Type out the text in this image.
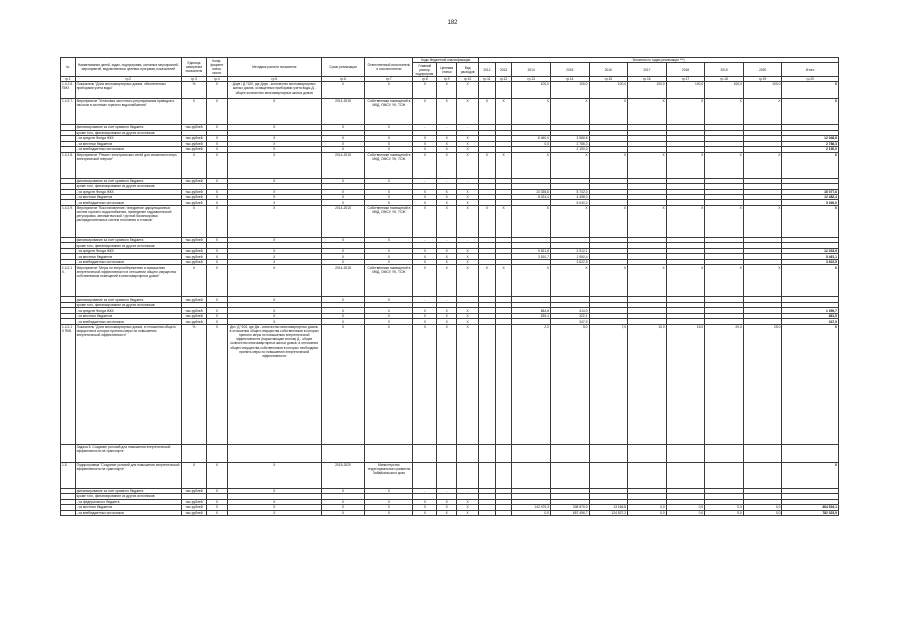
182
№	Наименования целей, задач, подпрограмм, основных мероприятий, мероприятий, ведомственных целевых программ, показателей	Единица измерения показателя	Коэф-фициент значи-мости	Методика расчета показателя	Сроки реализации	Ответственный исполнитель и соисполнители	Коды бюджетной классификации			Значения по годам реализации ***)									
							Главный распор. подпрограм.	Целевая статья	Вид расходов	2012	2013	2014	2015	2016	2017	2018	2019	2020	Итого
гр.1	гр.2	гр.3	гр.4	гр.5	гр.6	гр.7	гр.8	гр.9	гр.10	гр.11	гр.12	гр.13	гр.14	гр.15	гр.16	гр.17	гр.18	гр.19	гр.20
1.4.2.6. ПМ3	Показатель "Доля многоквартирных домов, обеспеченных приборами учета воды"	%	Х	Доув / Д *100, где Доув - количество многоквартирных жилых домов, оснащенных приборами учета воды Д - общее количество многоквартирных жилых домов	Х	Х	Х	Х	Х			100,0	100,0	100,0	100,0	100,0	100,0	100,0	Х
1.4.2.7.	Мероприятие "Установка частотного регулирования приводов и насосов в системах горячего водоснабжения"	Х	Х	Х	2014-2015	Собственники помещений в МКД, ОМСУ, УК, ТСЖ	Х	Х	Х	Х	Х	Х	Х	Х	Х	Х	Х	Х	Х
	финансирование за счет краевого бюджета	тыс.рублей	Х	Х	Х	Х	-	-	-										
	кроме того, финансирование из других источников:																		
	- из средств Фонда ЖКХ	тыс.рублей	Х	Х	Х	Х	Х	Х	Х			8 460,0	3 588,8						12 048,8
	- из местных бюджетов	тыс.рублей	Х	Х	Х	Х	Х	Х	Х			0,0	2 786,3						2 786,3
	- из внебюджетных источников	тыс.рублей	Х	Х	Х	Х	Х	Х	Х				2 150,0						2 150,0
1.4.2.8.	Мероприятие "Ремонт электрических сетей для снижения потерь электрической энергии"	Х	Х	Х	2014-2015	Собственники помещений в МКД, ОМСУ, УК, ТСЖ	Х	Х	Х	Х	Х	Х	Х	Х	Х	Х	Х	Х	Х
	финансирование за счет краевого бюджета	тыс.рублей	Х	Х	Х	Х	-	-	-										
	кроме того, финансирование из других источников:																		
	- из средств Фонда ЖКХ	тыс.рублей	Х	Х	Х	Х	Х	Х	Х			10 335,6	5 742,0						16 077,6
	- из местных бюджетов	тыс.рублей	Х	Х	Х	Х	Х	Х	Х			8 024,4	4 458,0						12 482,4
	- из внебюджетных источников	тыс.рублей	Х	Х	Х	Х	Х	Х	Х				5 040,0						5 040,0
1.4.2.9.	Мероприятие "Восстановление / внедрение циркуляционных систем горячего водоснабжения, проведение гидравлической регулировки, автоматической / ручной балансировки распределительных систем отопления и стояков"	Х	Х	Х	2014-2015	Собственники помещений в МКД, ОМСУ, УК, ТСЖ	Х	Х	Х	Х	Х	Х	Х	Х	Х	Х	Х	Х	Х
	финансирование за счет краевого бюджета	тыс.рублей	Х	Х	Х	Х	-	-	-										
	кроме того, финансирование из других источников:																		
	- из средств Фонда ЖКХ	тыс.рублей	Х	Х	Х	Х	Х	Х	Х			9 521,8	2 512,1						12 033,9
	- из местных бюджетов	тыс.рублей	Х	Х	Х	Х	Х	Х	Х			3 510,7	1 950,4						5 461,1
	- из внебюджетных источников	тыс.рублей	Х	Х	Х	Х	Х	Х	Х				3 622,5						3 622,5
1.4.2.10.	Мероприятие "Меры по энергосбережению и повышению энергетической эффективности в отношении общего имущества собственников помещений в многоквартирных домах"	Х	Х	Х	2014-2015	Собственники помещений в МКД, ОМСУ, УК, ТСЖ	Х	Х	Х	Х	Х	Х	Х	Х	Х	Х	Х	Х	Х
	финансирование за счет краевого бюджета	тыс.рублей	Х	Х	Х	Х	-	-	-										
	кроме того, финансирование из других источников:																		
	- из средств Фонда ЖКХ	тыс.рублей	Х	Х	Х	Х	Х	Х	Х			684,8	414,9						1 099,7
	- из местных бюджетов	тыс.рублей	Х	Х	Х	Х	Х	Х	Х			539,4	322,1						861,5
	- из внебюджетных источников	тыс.рублей	Х	Х	Х	Х	Х	Х	Х				347,9						347,9
1.4.2.10 ПМ1	Показатель "Доля многоквартирных домов, в отношении общего имущества в которых приняты меры по повышению энергетической эффективности"	%	Х	Дм / Д *100, где Дм - количество многоквартирных домов, в отношении общего имущества собственников в которых приняты меры по повышению энергетической эффективности (нарастающим итогом) Д - общее количество многоквартирных жилых домов, в отношении общего имущества собственников в которых необходимо принять меры по повышению энергетической эффективности	Х	Х	Х	Х	Х			2,0	5,0	7,0	10,0	15,0	20,0	25,0	Х
	Задача 5. Создание условий для повышения энергетической эффективности на транспорте																		
1.5.	Подпрограмма "Создание условий для повышения энергетической эффективности на транспорте"	Х	Х	Х	2015-2020	Министерство территориального развития Забайкальского края													Х
	финансирование за счет краевого бюджета	тыс.рублей	Х	Х	Х	Х	-	-	-										
	кроме того, финансирование из других источников:																		
	- из федерального бюджета	тыс.рублей	Х	Х	Х	Х	Х	Х	Х										
	- из местных бюджетов	тыс.рублей	Х	Х	Х	Х	Х	Х	Х			142 479,3	308 870,0	13 166,8	0,0	0,0	0,0	0,0	464 516,1
	- из внебюджетных источников	тыс.рублей	Х	Х	Х	Х	Х	Х	Х			0,0	657 496,7	124 827,2	0,0	0,0	0,0	0,0	782 323,9
